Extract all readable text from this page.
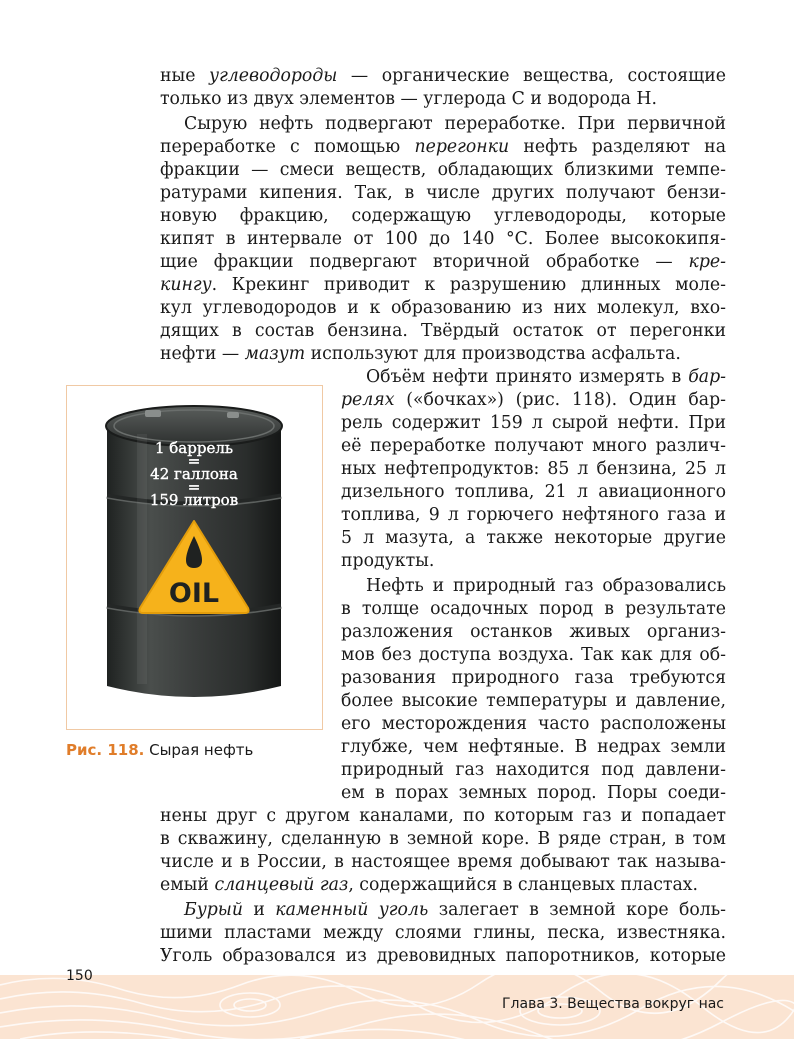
ные углеводороды — органические вещества, состоящие
только из двух элементов — углерода С и водорода Н.
Сырую нефть подвергают переработке. При первичной
переработке с помощью перегонки нефть разделяют на
фракции — смеси веществ, обладающих близкими темпе-
ратурами кипения. Так, в числе других получают бензи-
новую фракцию, содержащую углеводороды, которые
кипят в интервале от 100 до 140 °С. Более высококипя-
щие фракции подвергают вторичной обработке — кре-
кингу. Крекинг приводит к разрушению длинных моле-
кул углеводородов и к образованию из них молекул, вхо-
дящих в состав бензина. Твёрдый остаток от перегонки
нефти — мазут используют для производства асфальта.
Объём нефти принято измерять в бар-
релях («бочках») (рис. 118). Один бар-
рель содержит 159 л сырой нефти. При
её переработке получают много различ-
ных нефтепродуктов: 85 л бензина, 25 л
дизельного топлива, 21 л авиационного
топлива, 9 л горючего нефтяного газа и
5 л мазута, а также некоторые другие
продукты.
Нефть и природный газ образовались
в толще осадочных пород в результате
разложения останков живых организ-
мов без доступа воздуха. Так как для об-
разования природного газа требуются
более высокие температуры и давление,
его месторождения часто расположены
глубже, чем нефтяные. В недрах земли
природный газ находится под давлени-
ем в порах земных пород. Поры соеди-
нены друг с другом каналами, по которым газ и попадает
в скважину, сделанную в земной коре. В ряде стран, в том
числе и в России, в настоящее время добывают так называ-
емый сланцевый газ, содержащийся в сланцевых пластах.
Бурый и каменный уголь залегает в земной коре боль-
шими пластами между слоями глины, песка, известняка.
Уголь образовался из древовидных папоротников, которые
1 баррель
=
42 галлона
=
159 литров
OIL
Рис. 118. Сырая нефть
150
Глава 3. Вещества вокруг нас
